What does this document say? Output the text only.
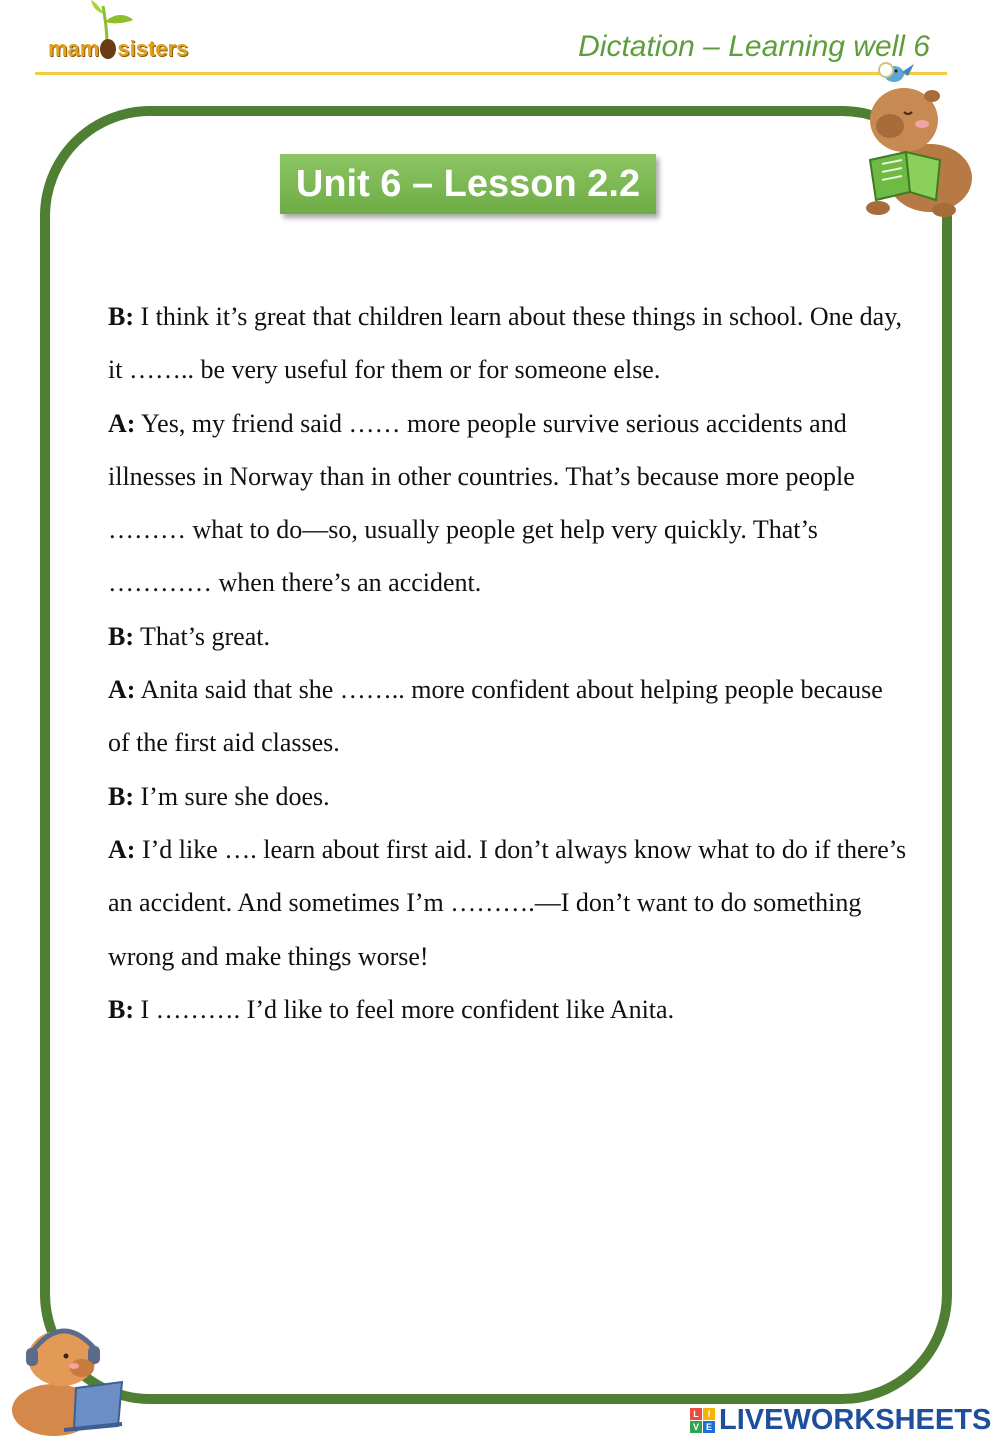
mam sisters	Dictation – Learning well 6
Unit 6 – Lesson 2.2

B: I think it’s great that children learn about these things in school. One day, it …….. be very useful for them or for someone else.

A: Yes, my friend said …… more people survive serious accidents and illnesses in Norway than in other countries. That’s because more people ……… what to do—so, usually people get help very quickly. That’s ………… when there’s an accident.

B: That’s great.

A: Anita said that she …….. more confident about helping people because of the first aid classes.

B: I’m sure she does.

A: I’d like …. learn about first aid. I don’t always know what to do if there’s an accident. And sometimes I’m ……….—I don’t want to do something wrong and make things worse!

B: I ………. I’d like to feel more confident like Anita.

L I
V E LIVEWORKSHEETS
